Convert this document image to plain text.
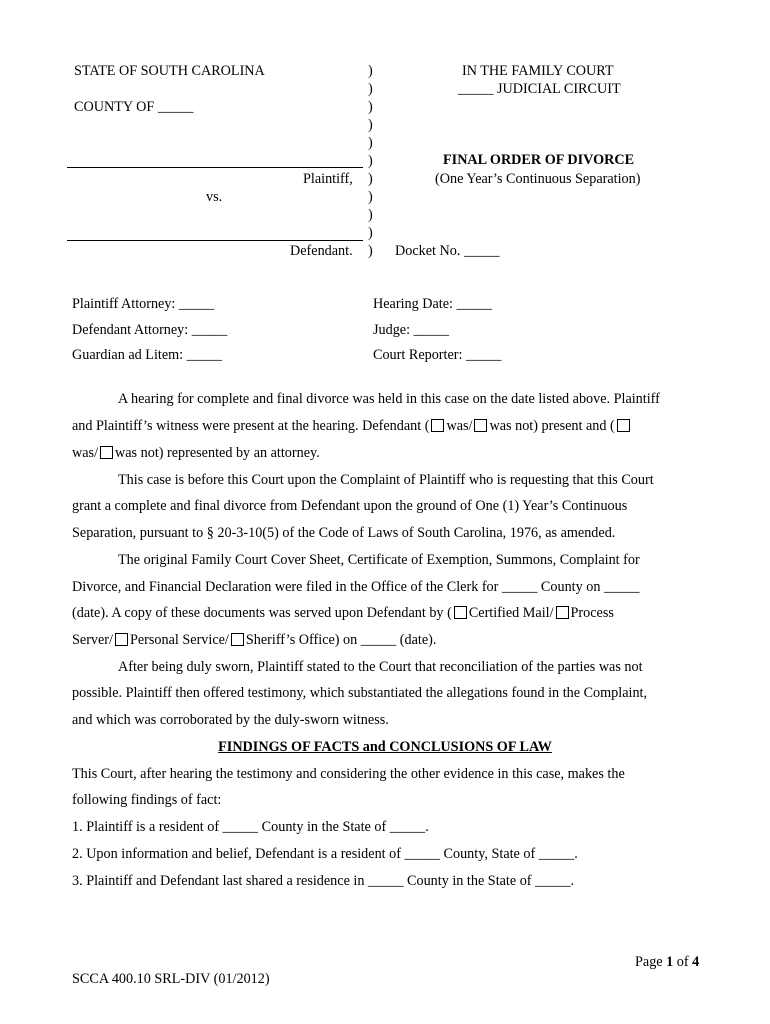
STATE OF SOUTH CAROLINA
COUNTY OF _____
Plaintiff,
vs.
Defendant.
)
)
)
)
)
)
)
)
)
)
)
IN THE FAMILY COURT
_____ JUDICIAL CIRCUIT
FINAL ORDER OF DIVORCE
(One Year’s Continuous Separation)
Docket No. _____
Plaintiff Attorney: _____
Defendant Attorney: _____
Guardian ad Litem: _____
Hearing Date: _____
Judge: _____
Court Reporter: _____
A hearing for complete and final divorce was held in this case on the date listed above. Plaintiff
and Plaintiff’s witness were present at the hearing. Defendant ( was/ was not) present and (
was/ was not) represented by an attorney.
This case is before this Court upon the Complaint of Plaintiff who is requesting that this Court
grant a complete and final divorce from Defendant upon the ground of One (1) Year’s Continuous
Separation, pursuant to § 20-3-10(5) of the Code of Laws of South Carolina, 1976, as amended.
The original Family Court Cover Sheet, Certificate of Exemption, Summons, Complaint for
Divorce, and Financial Declaration were filed in the Office of the Clerk for _____ County on _____
(date). A copy of these documents was served upon Defendant by ( Certified Mail/ Process
Server/ Personal Service/ Sheriff’s Office) on _____ (date).
After being duly sworn, Plaintiff stated to the Court that reconciliation of the parties was not
possible. Plaintiff then offered testimony, which substantiated the allegations found in the Complaint,
and which was corroborated by the duly-sworn witness.
FINDINGS OF FACTS and CONCLUSIONS OF LAW
This Court, after hearing the testimony and considering the other evidence in this case, makes the
following findings of fact:
1. Plaintiff is a resident of _____ County in the State of _____.
2. Upon information and belief, Defendant is a resident of _____ County, State of _____.
3. Plaintiff and Defendant last shared a residence in _____ County in the State of _____.
Page 1 of 4
SCCA 400.10 SRL-DIV (01/2012)
